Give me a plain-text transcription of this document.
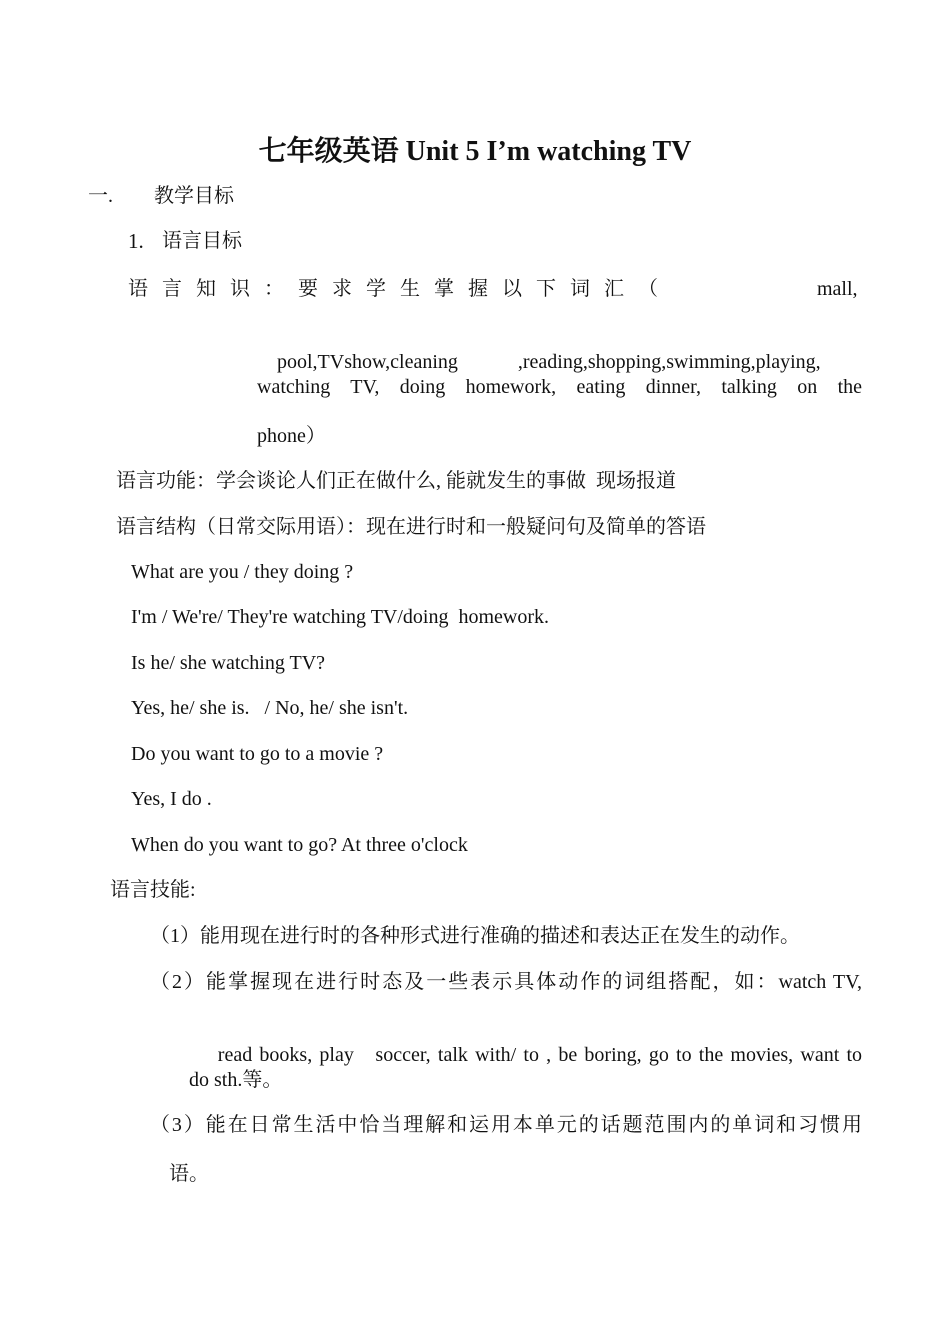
七年级英语 Unit 5 I’m watching TV
一. 教学目标
1. 语言目标
语言知识：要求学生掌握以下词汇（	mall,

pool,TVshow,cleaning            ,reading,shopping,swimming,playing,

watching TV, doing homework, eating dinner, talking on the
phone）
语言功能：学会谈论人们正在做什么, 能就发生的事做  现场报道
语言结构（日常交际用语）：现在进行时和一般疑问句及简单的答语
What are you / they doing ?
I'm / We're/ They're watching TV/doing  homework.
Is he/ she watching TV?
Yes, he/ she is.   / No, he/ she isn't.
Do you want to go to a movie ?
Yes, I do .
When do you want to go? At three o'clock
语言技能:
（1）能用现在进行时的各种形式进行准确的描述和表达正在发生的动作。
（2）能掌握现在进行时态及一些表示具体动作的词组搭配，如：watch TV,

read books, play   soccer, talk with/ to , be boring, go to the movies, want to

do sth.等。
（3）能在日常生活中恰当理解和运用本单元的话题范围内的单词和习惯用
语。
